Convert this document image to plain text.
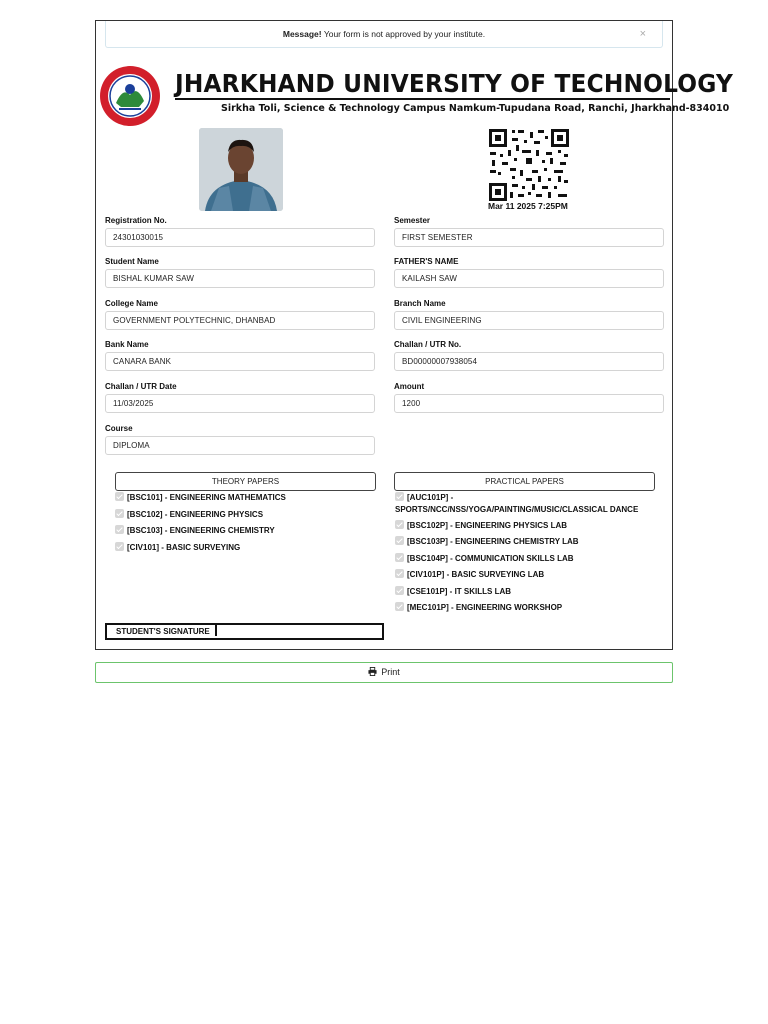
Message! Your form is not approved by your institute.	×
JHARKHAND UNIVERSITY OF TECHNOLOGY
Sirkha Toli, Science & Technology Campus Namkum-Tupudana Road, Ranchi, Jharkhand-834010
Mar 11 2025 7:25PM
Registration No.
24301030015
Semester
FIRST SEMESTER
Student Name
BISHAL KUMAR SAW
FATHER'S NAME
KAILASH SAW
College Name
GOVERNMENT POLYTECHNIC, DHANBAD
Branch Name
CIVIL ENGINEERING
Bank Name
CANARA BANK
Challan / UTR No.
BD00000007938054
Challan / UTR Date
11/03/2025
Amount
1200
Course
DIPLOMA
THEORY PAPERS	PRACTICAL PAPERS
[BSC101] - ENGINEERING MATHEMATICS
[BSC102] - ENGINEERING PHYSICS
[BSC103] - ENGINEERING CHEMISTRY
[CIV101] - BASIC SURVEYING
[AUC101P] -
SPORTS/NCC/NSS/YOGA/PAINTING/MUSIC/CLASSICAL DANCE
[BSC102P] - ENGINEERING PHYSICS LAB
[BSC103P] - ENGINEERING CHEMISTRY LAB
[BSC104P] - COMMUNICATION SKILLS LAB
[CIV101P] - BASIC SURVEYING LAB
[CSE101P] - IT SKILLS LAB
[MEC101P] - ENGINEERING WORKSHOP
STUDENT'S SIGNATURE
Print
